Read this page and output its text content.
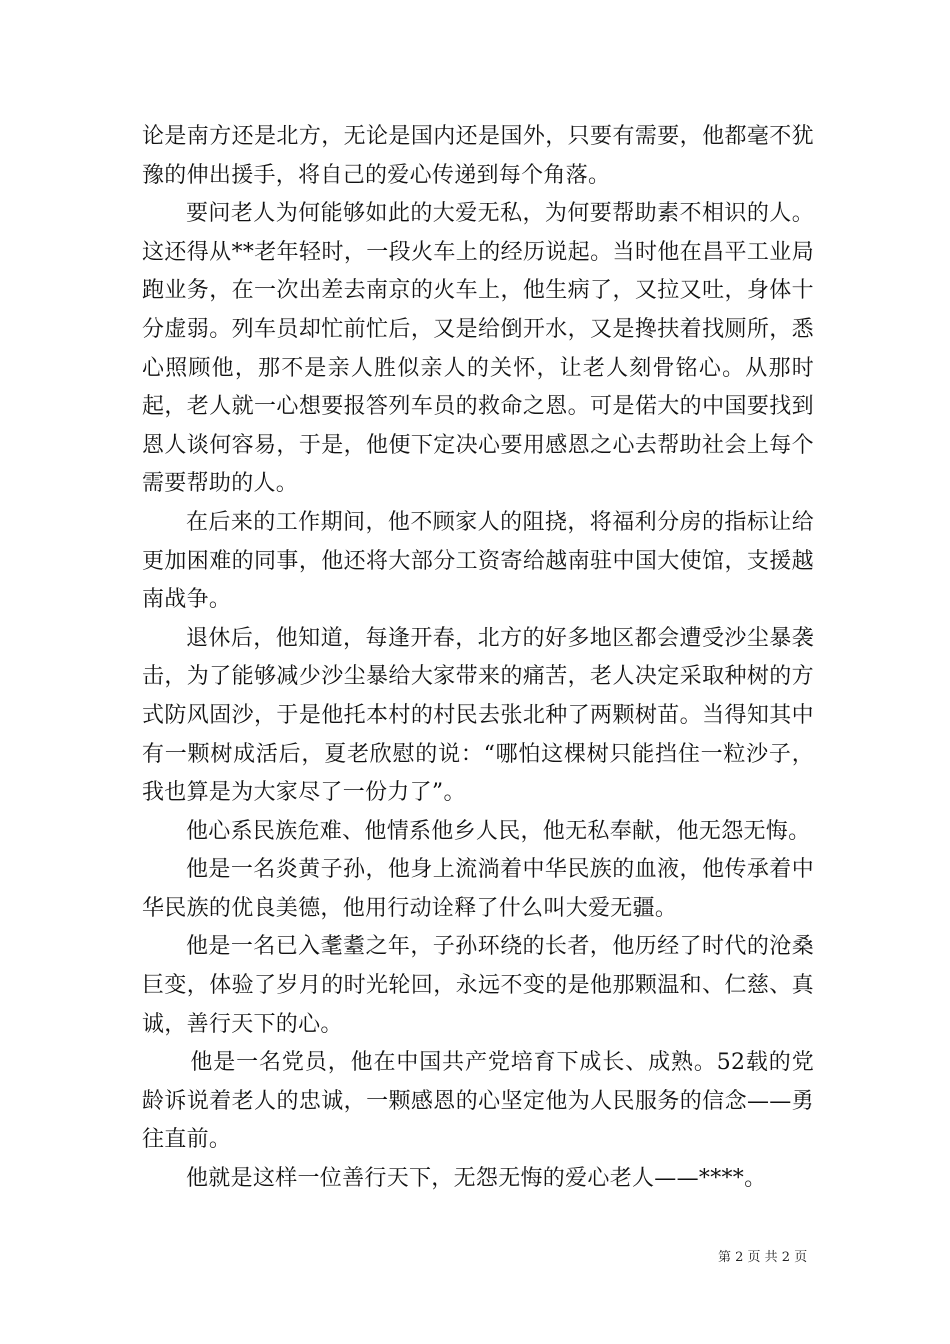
论是南方还是北方，无论是国内还是国外，只要有需要，他都毫不犹豫的伸出援手，将自己的爱心传递到每个角落。

要问老人为何能够如此的大爱无私，为何要帮助素不相识的人。这还得从**老年轻时，一段火车上的经历说起。当时他在昌平工业局跑业务，在一次出差去南京的火车上，他生病了，又拉又吐，身体十分虚弱。列车员却忙前忙后，又是给倒开水，又是搀扶着找厕所，悉心照顾他，那不是亲人胜似亲人的关怀，让老人刻骨铭心。从那时起，老人就一心想要报答列车员的救命之恩。可是偌大的中国要找到恩人谈何容易，于是，他便下定决心要用感恩之心去帮助社会上每个需要帮助的人。

在后来的工作期间，他不顾家人的阻挠，将福利分房的指标让给更加困难的同事，他还将大部分工资寄给越南驻中国大使馆，支援越南战争。

退休后，他知道，每逢开春，北方的好多地区都会遭受沙尘暴袭击，为了能够减少沙尘暴给大家带来的痛苦，老人决定采取种树的方式防风固沙，于是他托本村的村民去张北种了两颗树苗。当得知其中有一颗树成活后，夏老欣慰的说：“哪怕这棵树只能挡住一粒沙子，我也算是为大家尽了一份力了”。

他心系民族危难、他情系他乡人民，他无私奉献，他无怨无悔。

他是一名炎黄子孙，他身上流淌着中华民族的血液，他传承着中华民族的优良美德，他用行动诠释了什么叫大爱无疆。

他是一名已入耄耋之年，子孙环绕的长者，他历经了时代的沧桑巨变，体验了岁月的时光轮回，永远不变的是他那颗温和、仁慈、真诚，善行天下的心。

他是一名党员，他在中国共产党培育下成长、成熟。52载的党龄诉说着老人的忠诚，一颗感恩的心坚定他为人民服务的信念——勇往直前。

他就是这样一位善行天下，无怨无悔的爱心老人——****。

第 2 页 共 2 页
